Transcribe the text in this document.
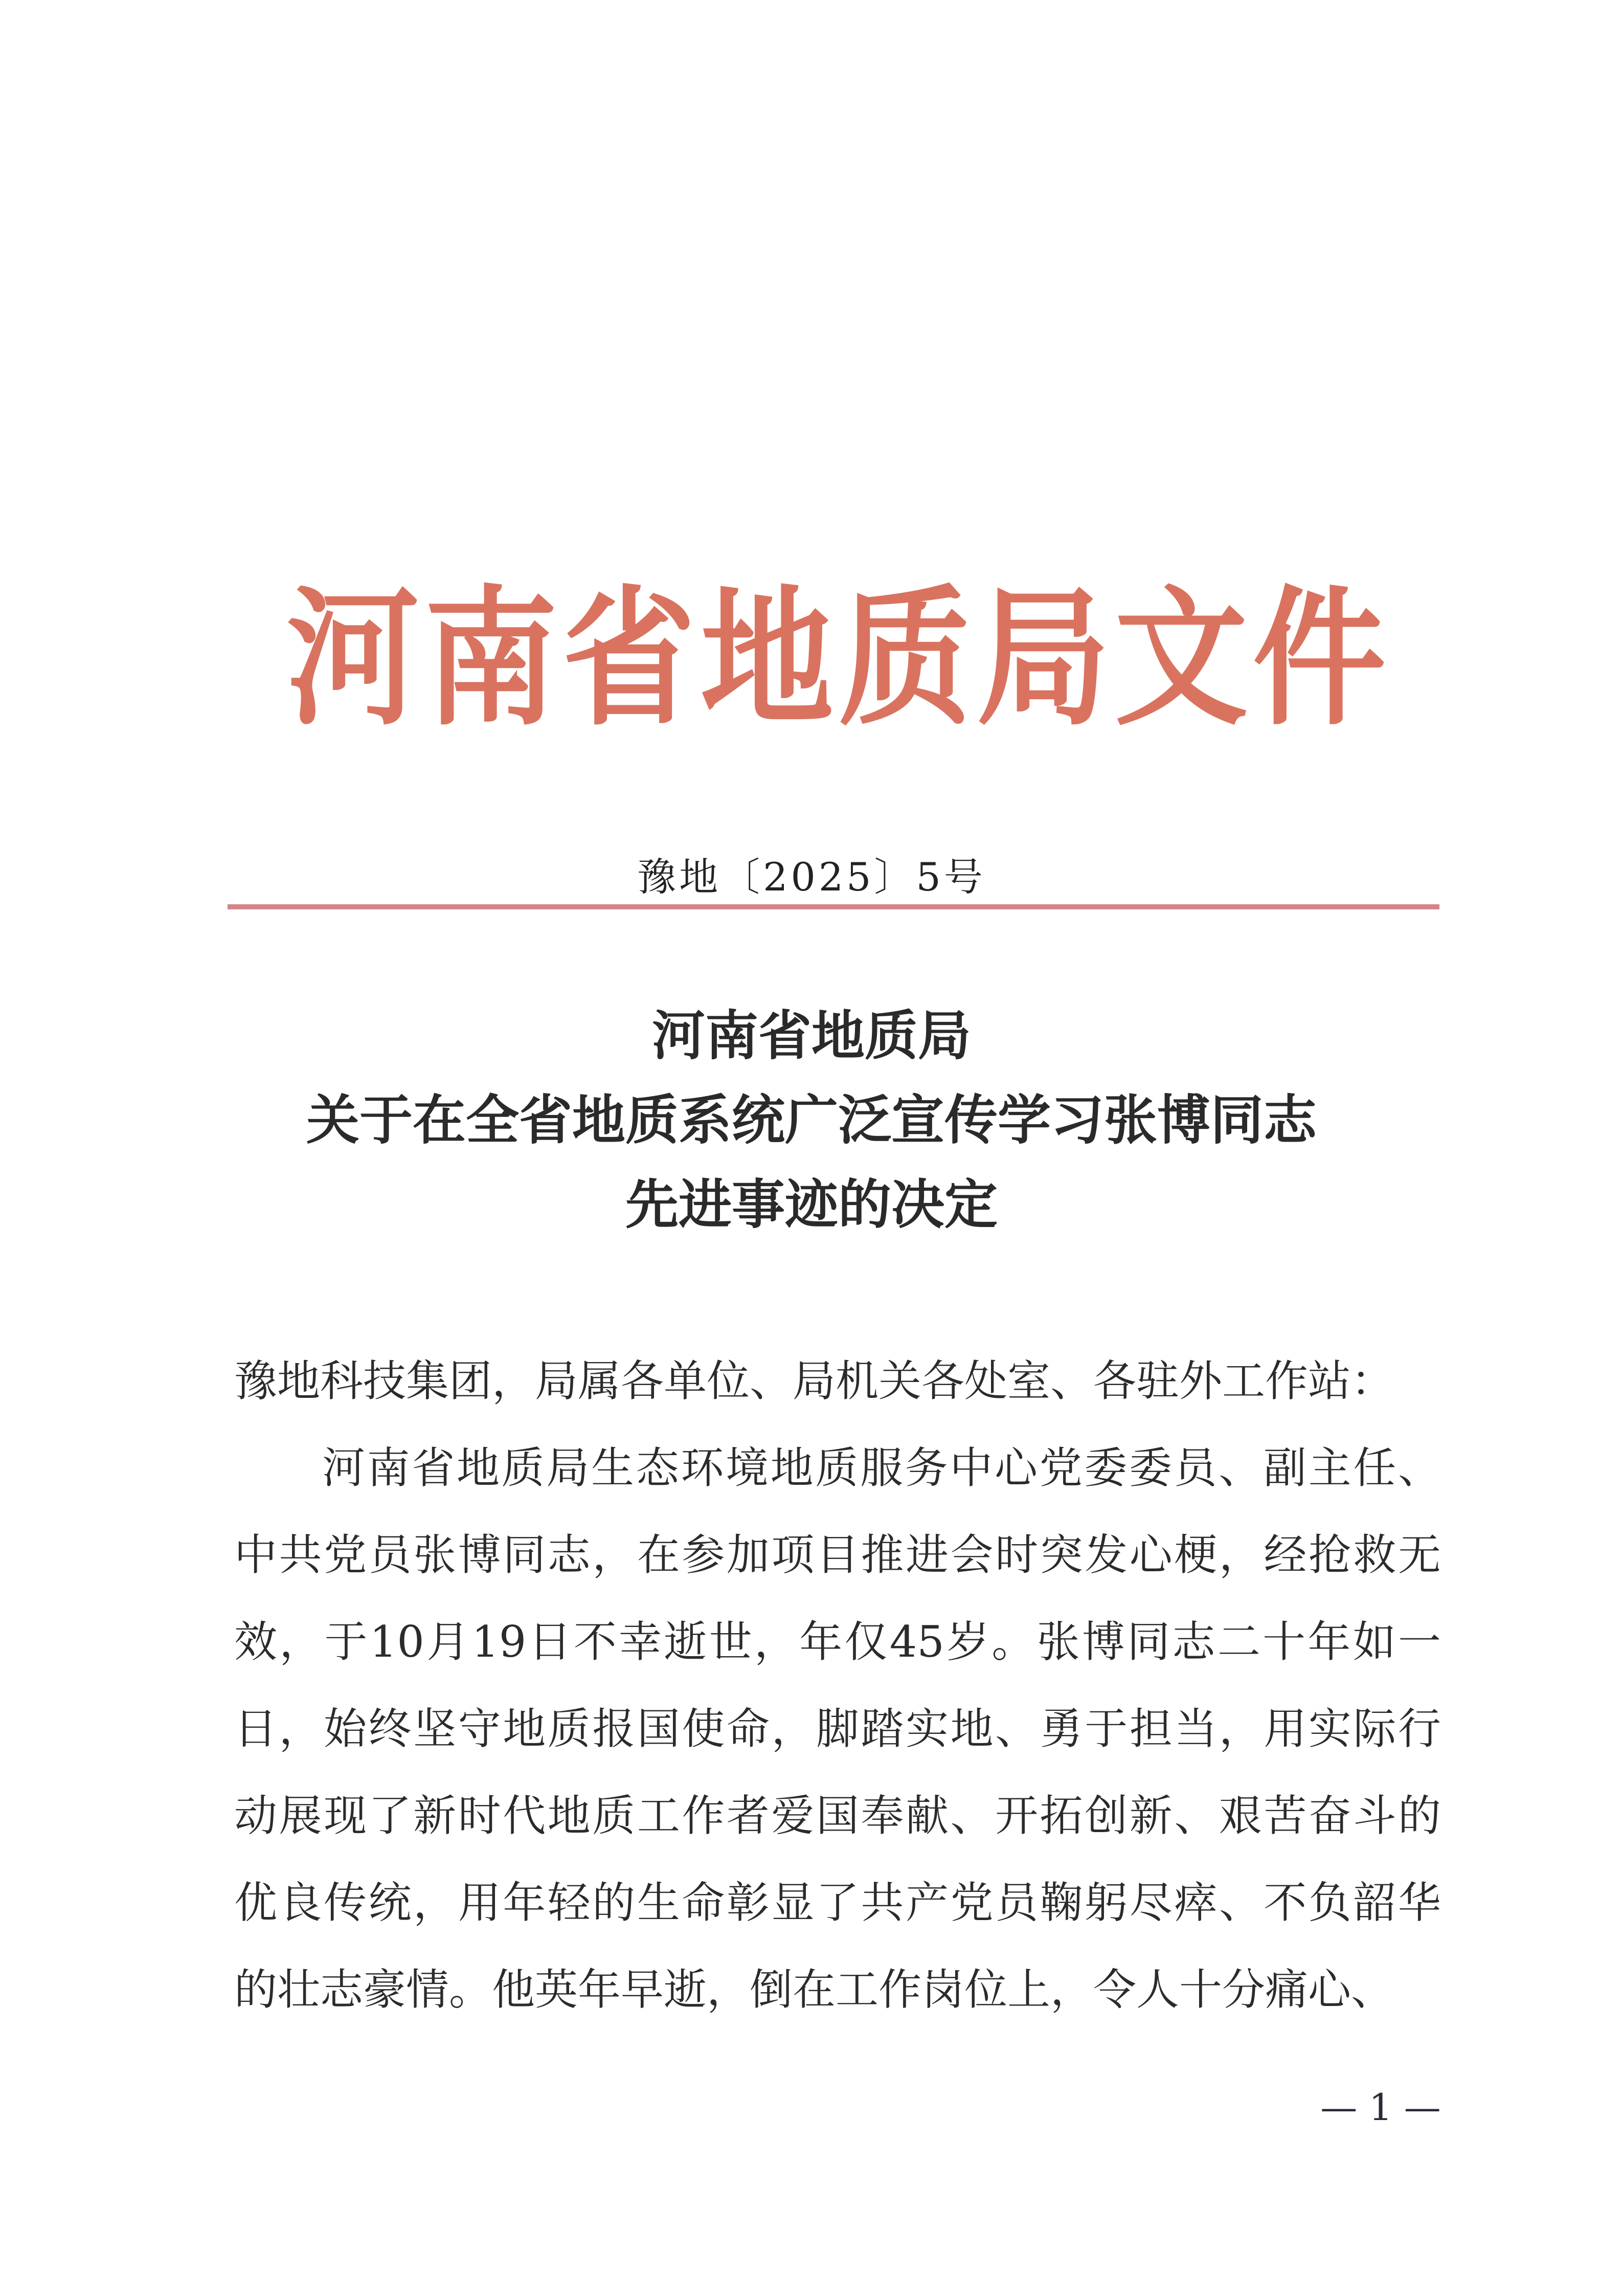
河南省地质局文件
豫地〔2025〕5号
河南省地质局
关于在全省地质系统广泛宣传学习张博同志
先进事迹的决定
豫地科技集团，局属各单位、局机关各处室、各驻外工作站：
河南省地质局生态环境地质服务中心党委委员、副主任、
中共党员张博同志，在参加项目推进会时突发心梗，经抢救无
效，于10月19日不幸逝世，年仅45岁。张博同志二十年如一
日，始终坚守地质报国使命，脚踏实地、勇于担当，用实际行
动展现了新时代地质工作者爱国奉献、开拓创新、艰苦奋斗的
优良传统，用年轻的生命彰显了共产党员鞠躬尽瘁、不负韶华
的壮志豪情。他英年早逝，倒在工作岗位上，令人十分痛心、
— 1 —
